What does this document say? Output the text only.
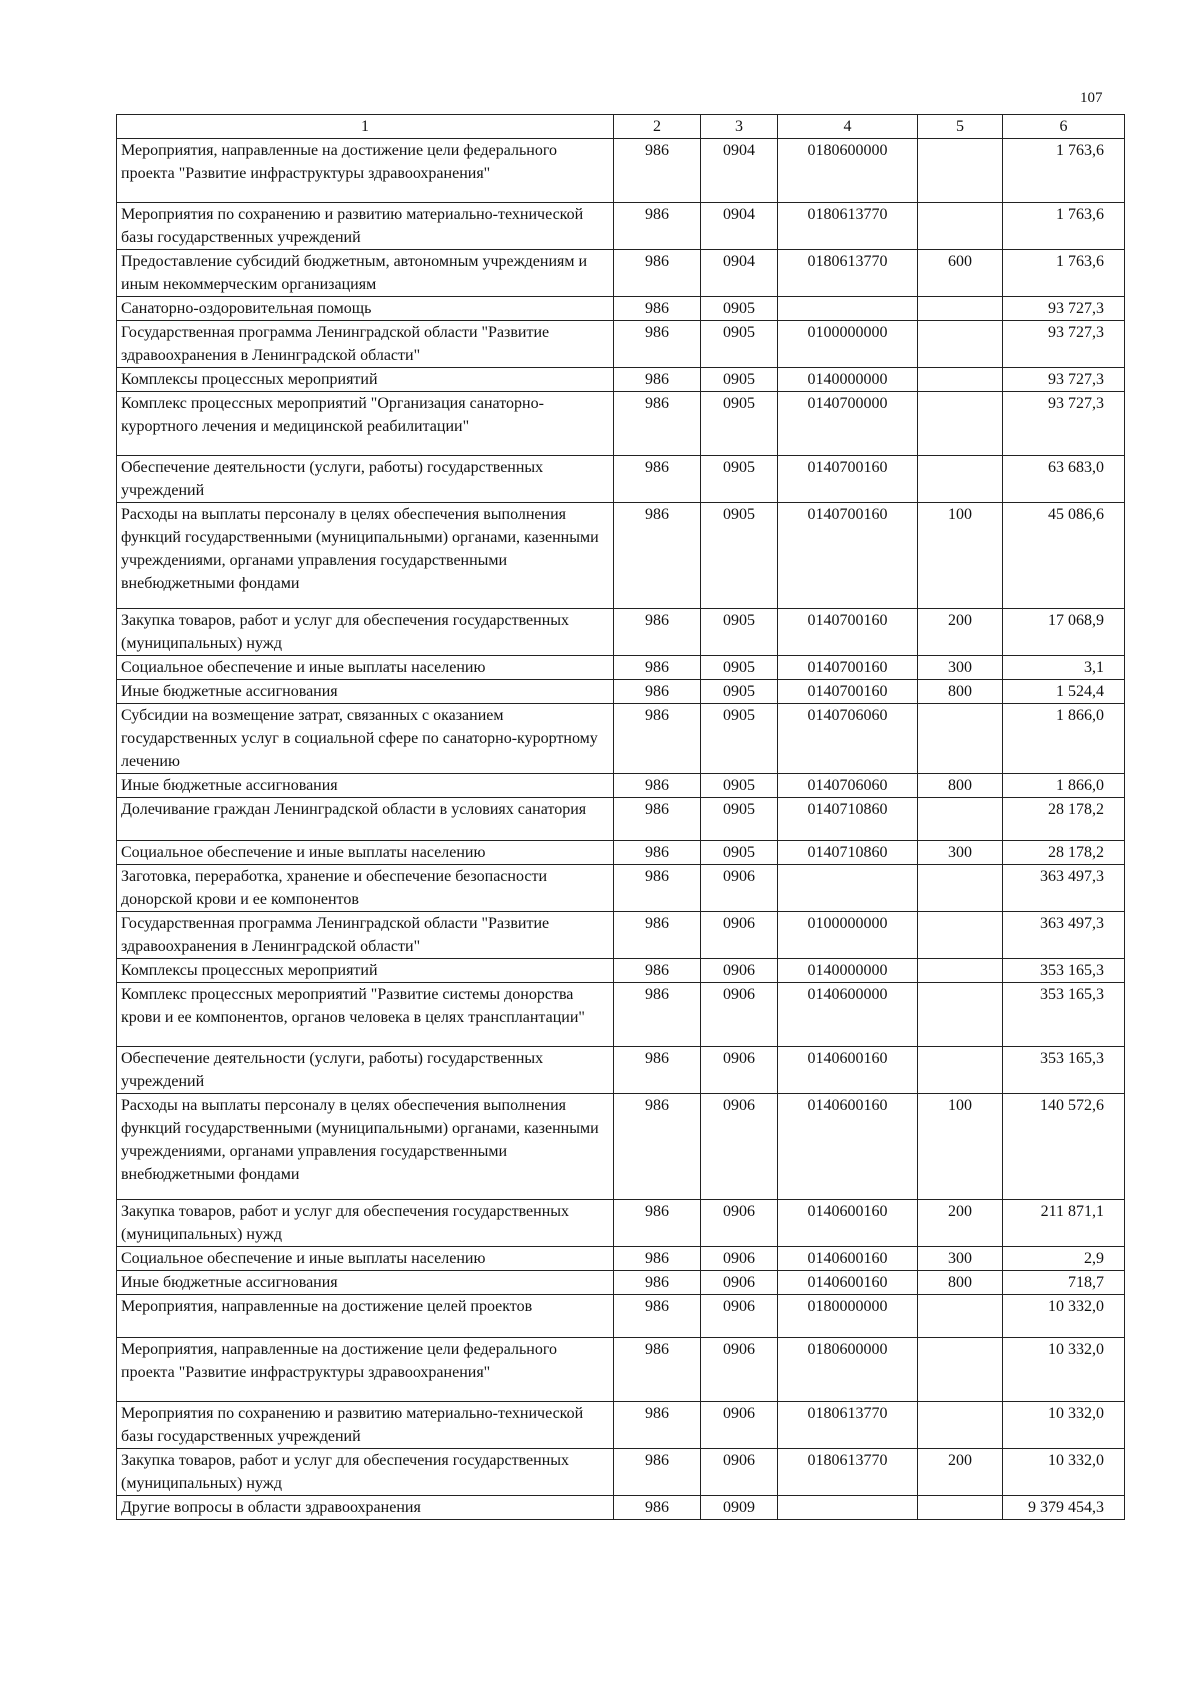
107
1	2	3	4	5	6
Мероприятия, направленные на достижение цели федерального проекта "Развитие инфраструктуры здравоохранения"	986	0904	0180600000		1 763,6
Мероприятия по сохранению и развитию материально-технической базы государственных учреждений	986	0904	0180613770		1 763,6
Предоставление субсидий бюджетным, автономным учреждениям и иным некоммерческим организациям	986	0904	0180613770	600	1 763,6
Санаторно-оздоровительная помощь	986	0905			93 727,3
Государственная программа Ленинградской области "Развитие здравоохранения в Ленинградской области"	986	0905	0100000000		93 727,3
Комплексы процессных мероприятий	986	0905	0140000000		93 727,3
Комплекс процессных мероприятий "Организация санаторно-курортного лечения и медицинской реабилитации"	986	0905	0140700000		93 727,3
Обеспечение деятельности (услуги, работы) государственных учреждений	986	0905	0140700160		63 683,0
Расходы на выплаты персоналу в целях обеспечения выполнения функций государственными (муниципальными) органами, казенными учреждениями, органами управления государственными внебюджетными фондами	986	0905	0140700160	100	45 086,6
Закупка товаров, работ и услуг для обеспечения государственных (муниципальных) нужд	986	0905	0140700160	200	17 068,9
Социальное обеспечение и иные выплаты населению	986	0905	0140700160	300	3,1
Иные бюджетные ассигнования	986	0905	0140700160	800	1 524,4
Субсидии на возмещение затрат, связанных с оказанием государственных услуг в социальной сфере по санаторно-курортному лечению	986	0905	0140706060		1 866,0
Иные бюджетные ассигнования	986	0905	0140706060	800	1 866,0
Долечивание граждан Ленинградской области в условиях санатория	986	0905	0140710860		28 178,2
Социальное обеспечение и иные выплаты населению	986	0905	0140710860	300	28 178,2
Заготовка, переработка, хранение и обеспечение безопасности донорской крови и ее компонентов	986	0906			363 497,3
Государственная программа Ленинградской области "Развитие здравоохранения в Ленинградской области"	986	0906	0100000000		363 497,3
Комплексы процессных мероприятий	986	0906	0140000000		353 165,3
Комплекс процессных мероприятий "Развитие системы донорства крови и ее компонентов, органов человека в целях трансплантации"	986	0906	0140600000		353 165,3
Обеспечение деятельности (услуги, работы) государственных учреждений	986	0906	0140600160		353 165,3
Расходы на выплаты персоналу в целях обеспечения выполнения функций государственными (муниципальными) органами, казенными учреждениями, органами управления государственными внебюджетными фондами	986	0906	0140600160	100	140 572,6
Закупка товаров, работ и услуг для обеспечения государственных (муниципальных) нужд	986	0906	0140600160	200	211 871,1
Социальное обеспечение и иные выплаты населению	986	0906	0140600160	300	2,9
Иные бюджетные ассигнования	986	0906	0140600160	800	718,7
Мероприятия, направленные на достижение целей проектов	986	0906	0180000000		10 332,0
Мероприятия, направленные на достижение цели федерального проекта "Развитие инфраструктуры здравоохранения"	986	0906	0180600000		10 332,0
Мероприятия по сохранению и развитию материально-технической базы государственных учреждений	986	0906	0180613770		10 332,0
Закупка товаров, работ и услуг для обеспечения государственных (муниципальных) нужд	986	0906	0180613770	200	10 332,0
Другие вопросы в области здравоохранения	986	0909			9 379 454,3
